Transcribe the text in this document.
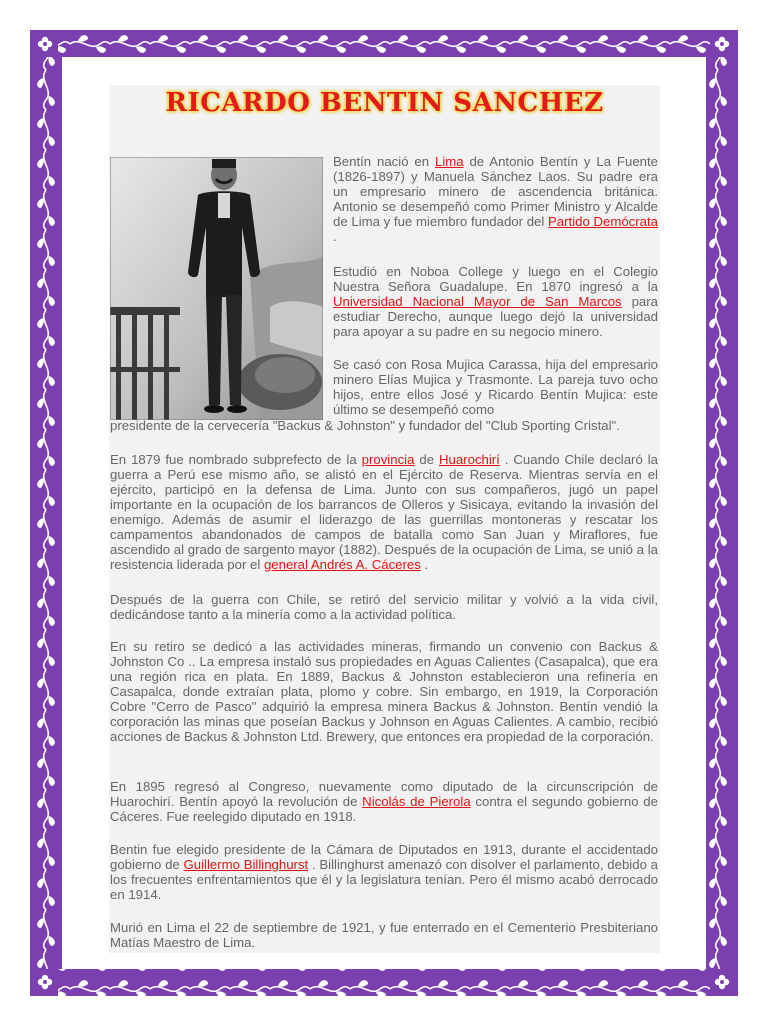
RICARDO BENTIN SANCHEZ

Bentín nació en Lima de Antonio Bentín y La Fuente (1826-1897) y Manuela Sánchez Laos. Su padre era un empresario minero de ascendencia británica. Antonio se desempeñó como Primer Ministro y Alcalde de Lima y fue miembro fundador del Partido Demócrata .

Estudió en Noboa College y luego en el Colegio Nuestra Señora Guadalupe. En 1870 ingresó a la Universidad Nacional Mayor de San Marcos para estudiar Derecho, aunque luego dejó la universidad para apoyar a su padre en su negocio minero.

Se casó con Rosa Mujica Carassa, hija del empresario minero Elías Mujica y Trasmonte. La pareja tuvo ocho hijos, entre ellos José y Ricardo Bentín Mujica: este último se desempeñó como

presidente de la cervecería "Backus & Johnston" y fundador del "Club Sporting Cristal".

En 1879 fue nombrado subprefecto de la provincia de Huarochirí . Cuando Chile declaró la guerra a Perú ese mismo año, se alistó en el Ejército de Reserva. Mientras servía en el ejército, participó en la defensa de Lima. Junto con sus compañeros, jugó un papel importante en la ocupación de los barrancos de Olleros y Sisicaya, evitando la invasión del enemigo. Además de asumir el liderazgo de las guerrillas montoneras y rescatar los campamentos abandonados de campos de batalla como San Juan y Miraflores, fue ascendido al grado de sargento mayor (1882). Después de la ocupación de Lima, se unió a la resistencia liderada por el general Andrés A. Cáceres .

Después de la guerra con Chile, se retiró del servicio militar y volvió a la vida civil, dedicándose tanto a la minería como a la actividad política.

En su retiro se dedicó a las actividades mineras, firmando un convenio con Backus & Johnston Co .. La empresa instaló sus propiedades en Aguas Calientes (Casapalca), que era una región rica en plata. En 1889, Backus & Johnston establecieron una refinería en Casapalca, donde extraían plata, plomo y cobre. Sin embargo, en 1919, la Corporación Cobre "Cerro de Pasco" adquirió la empresa minera Backus & Johnston. Bentín vendió la corporación las minas que poseían Backus y Johnson en Aguas Calientes. A cambio, recibió acciones de Backus & Johnston Ltd. Brewery, que entonces era propiedad de la corporación.

En 1895 regresó al Congreso, nuevamente como diputado de la circunscripción de Huarochirí. Bentín apoyó la revolución de Nicolás de Pierola contra el segundo gobierno de Cáceres. Fue reelegido diputado en 1918.

Bentin fue elegido presidente de la Cámara de Diputados en 1913, durante el accidentado gobierno de Guillermo Billinghurst . Billinghurst amenazó con disolver el parlamento, debido a los frecuentes enfrentamientos que él y la legislatura tenían. Pero él mismo acabó derrocado en 1914.

Murió en Lima el 22 de septiembre de 1921, y fue enterrado en el Cementerio Presbiteriano Matías Maestro de Lima.
